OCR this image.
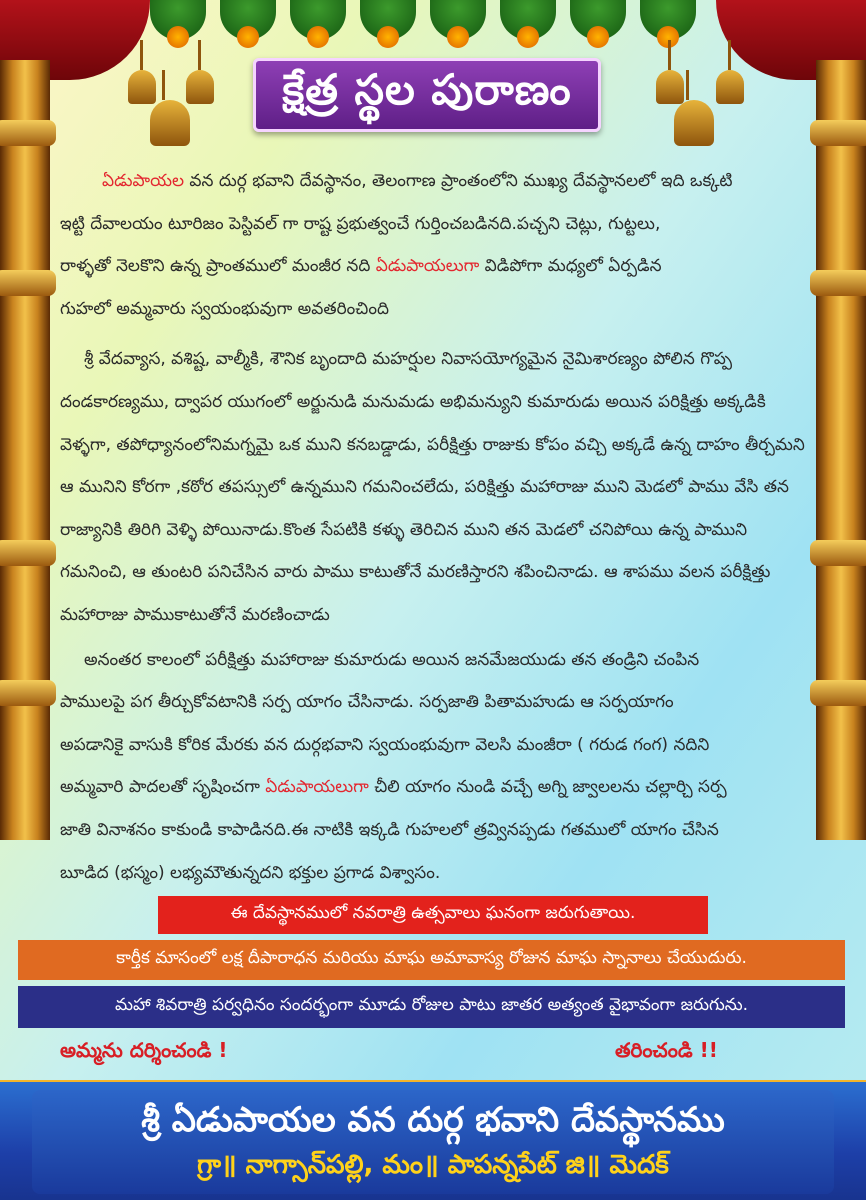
క్షేత్ర స్థల పురాణం

ఏడుపాయల వన దుర్గ భవాని దేవస్థానం, తెలంగాణ ప్రాంతంలోని ముఖ్య దేవస్థానలలో ఇది ఒక్కటి
ఇట్టి దేవాలయం టూరిజం పెస్టివల్ గా రాష్ట ప్రభుత్వంచే గుర్తించబడినది.పచ్చని చెట్లు, గుట్టలు,
రాళ్ళతో నెలకొని ఉన్న ప్రాంతములో మంజీర నది ఏడుపాయలుగా విడిపోగా మధ్యలో ఏర్పడిన
గుహలో అమ్మవారు స్వయంభువుగా అవతరించింది

శ్రీ వేదవ్యాస, వశిష్ట, వాల్మీకి, శౌనిక బృందాది మహర్షుల నివాసయోగ్యమైన నైమిశారణ్యం పోలిన గొప్ప
దండకారణ్యము, ద్వాపర యుగంలో అర్జునుడి మనుమడు అభిమన్యుని కుమారుడు అయిన పరిక్షిత్తు అక్కడికి
వెళ్ళగా, తపోధ్యానంలోనిమగ్నమై ఒక ముని కనబడ్డాడు, పరీక్షిత్తు రాజుకు కోపం వచ్చి అక్కడే ఉన్న దాహం తీర్చమని
ఆ మునిని కోరగా ,కఠోర తపస్సులో ఉన్నముని గమనించలేదు, పరిక్షిత్తు మహారాజు ముని మెడలో పాము వేసి తన
రాజ్యానికి తిరిగి వెళ్ళి పోయినాడు.కొంత సేపటికి కళ్ళు తెరిచిన ముని తన మెడలో చనిపోయి ఉన్న పాముని
గమనించి, ఆ తుంటరి పనిచేసిన వారు పాము కాటుతోనే మరణిస్తారని శపించినాడు. ఆ శాపము వలన పరీక్షిత్తు
మహారాజు పాముకాటుతోనే మరణించాడు

అనంతర కాలంలో పరీక్షిత్తు మహారాజు కుమారుడు అయిన జనమేజయుడు తన తండ్రిని చంపిన
పాములపై పగ తీర్చుకోవటానికి సర్ప యాగం చేసినాడు. సర్పజాతి పితామహుడు ఆ సర్పయాగం
అపడానికై వాసుకి కోరిక మేరకు వన దుర్గభవాని స్వయంభువుగా వెలసి మంజీరా ( గరుడ గంగ) నదిని
అమ్మవారి పాదలతో సృషించగా ఏడుపాయలుగా చీలి యాగం నుండి వచ్చే అగ్ని జ్వాలలను చల్లార్చి సర్ప
జాతి వినాశనం కాకుండి కాపాడినది.ఈ నాటికి ఇక్కడి గుహలలో త్రవ్వినప్పడు గతములో యాగం చేసిన
బూడిద (భస్మం) లభ్యమౌతున్నదని భక్తుల ప్రగాడ విశ్వాసం.

ఈ దేవస్థానములో నవరాత్రి ఉత్సవాలు ఘనంగా జరుగుతాయి.
కార్తీక మాసంలో లక్ష దీపారాధన మరియు మాఘ అమావాస్య రోజున మాఘ స్నానాలు చేయుదురు.
మహా శివరాత్రి పర్వధినం సందర్భంగా మూడు రోజుల పాటు జాతర అత్యంత వైభావంగా జరుగును.
అమ్మను దర్శించండి !	తరించండి !!
శ్రీ ఏడుపాయల వన దుర్గ భవాని దేవస్థానము
గ్రా॥ నాగ్సాన్‌పల్లి, మం॥ పాపన్నపేట్ జి॥ మెదక్
